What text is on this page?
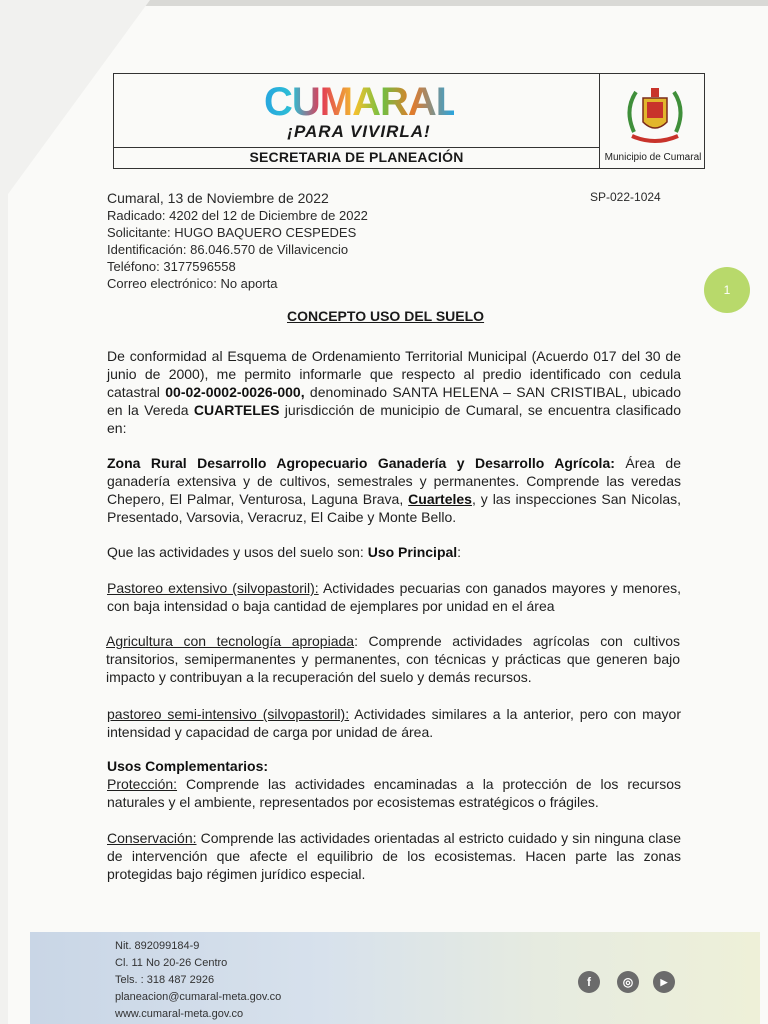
CUMARAL
¡PARA VIVIRLA!
SECRETARIA DE PLANEACIÓN	Municipio de Cumaral
Cumaral, 13 de Noviembre de 2022
Radicado: 4202 del 12 de Diciembre de 2022
Solicitante: HUGO BAQUERO CESPEDES
Identificación: 86.046.570 de Villavicencio
Teléfono: 3177596558
Correo electrónico: No aporta
SP-022-1024
1
CONCEPTO USO DEL SUELO
De conformidad al Esquema de Ordenamiento Territorial Municipal (Acuerdo 017 del 30 de junio de 2000), me permito informarle que respecto al predio identificado con cedula catastral 00-02-0002-0026-000, denominado SANTA HELENA – SAN CRISTIBAL, ubicado en la Vereda CUARTELES jurisdicción de municipio de Cumaral, se encuentra clasificado en:
Zona Rural Desarrollo Agropecuario Ganadería y Desarrollo Agrícola: Área de ganadería extensiva y de cultivos, semestrales y permanentes. Comprende las veredas Chepero, El Palmar, Venturosa, Laguna Brava, Cuarteles, y las inspecciones San Nicolas, Presentado, Varsovia, Veracruz, El Caibe y Monte Bello.
Que las actividades y usos del suelo son: Uso Principal:
Pastoreo extensivo (silvopastoril): Actividades pecuarias con ganados mayores y menores, con baja intensidad o baja cantidad de ejemplares por unidad en el área
Agricultura con tecnología apropiada: Comprende actividades agrícolas con cultivos transitorios, semipermanentes y permanentes, con técnicas y prácticas que generen bajo impacto y contribuyan a la recuperación del suelo y demás recursos.
pastoreo semi-intensivo (silvopastoril): Actividades similares a la anterior, pero con mayor intensidad y capacidad de carga por unidad de área.
Usos Complementarios:
Protección: Comprende las actividades encaminadas a la protección de los recursos naturales y el ambiente, representados por ecosistemas estratégicos o frágiles.
Conservación: Comprende las actividades orientadas al estricto cuidado y sin ninguna clase de intervención que afecte el equilibrio de los ecosistemas. Hacen parte las zonas protegidas bajo régimen jurídico especial.
Nit. 892099184-9
Cl. 11 No 20-26 Centro
Tels. : 318 487 2926
planeacion@cumaral-meta.gov.co
www.cumaral-meta.gov.co
f	◎	▶
